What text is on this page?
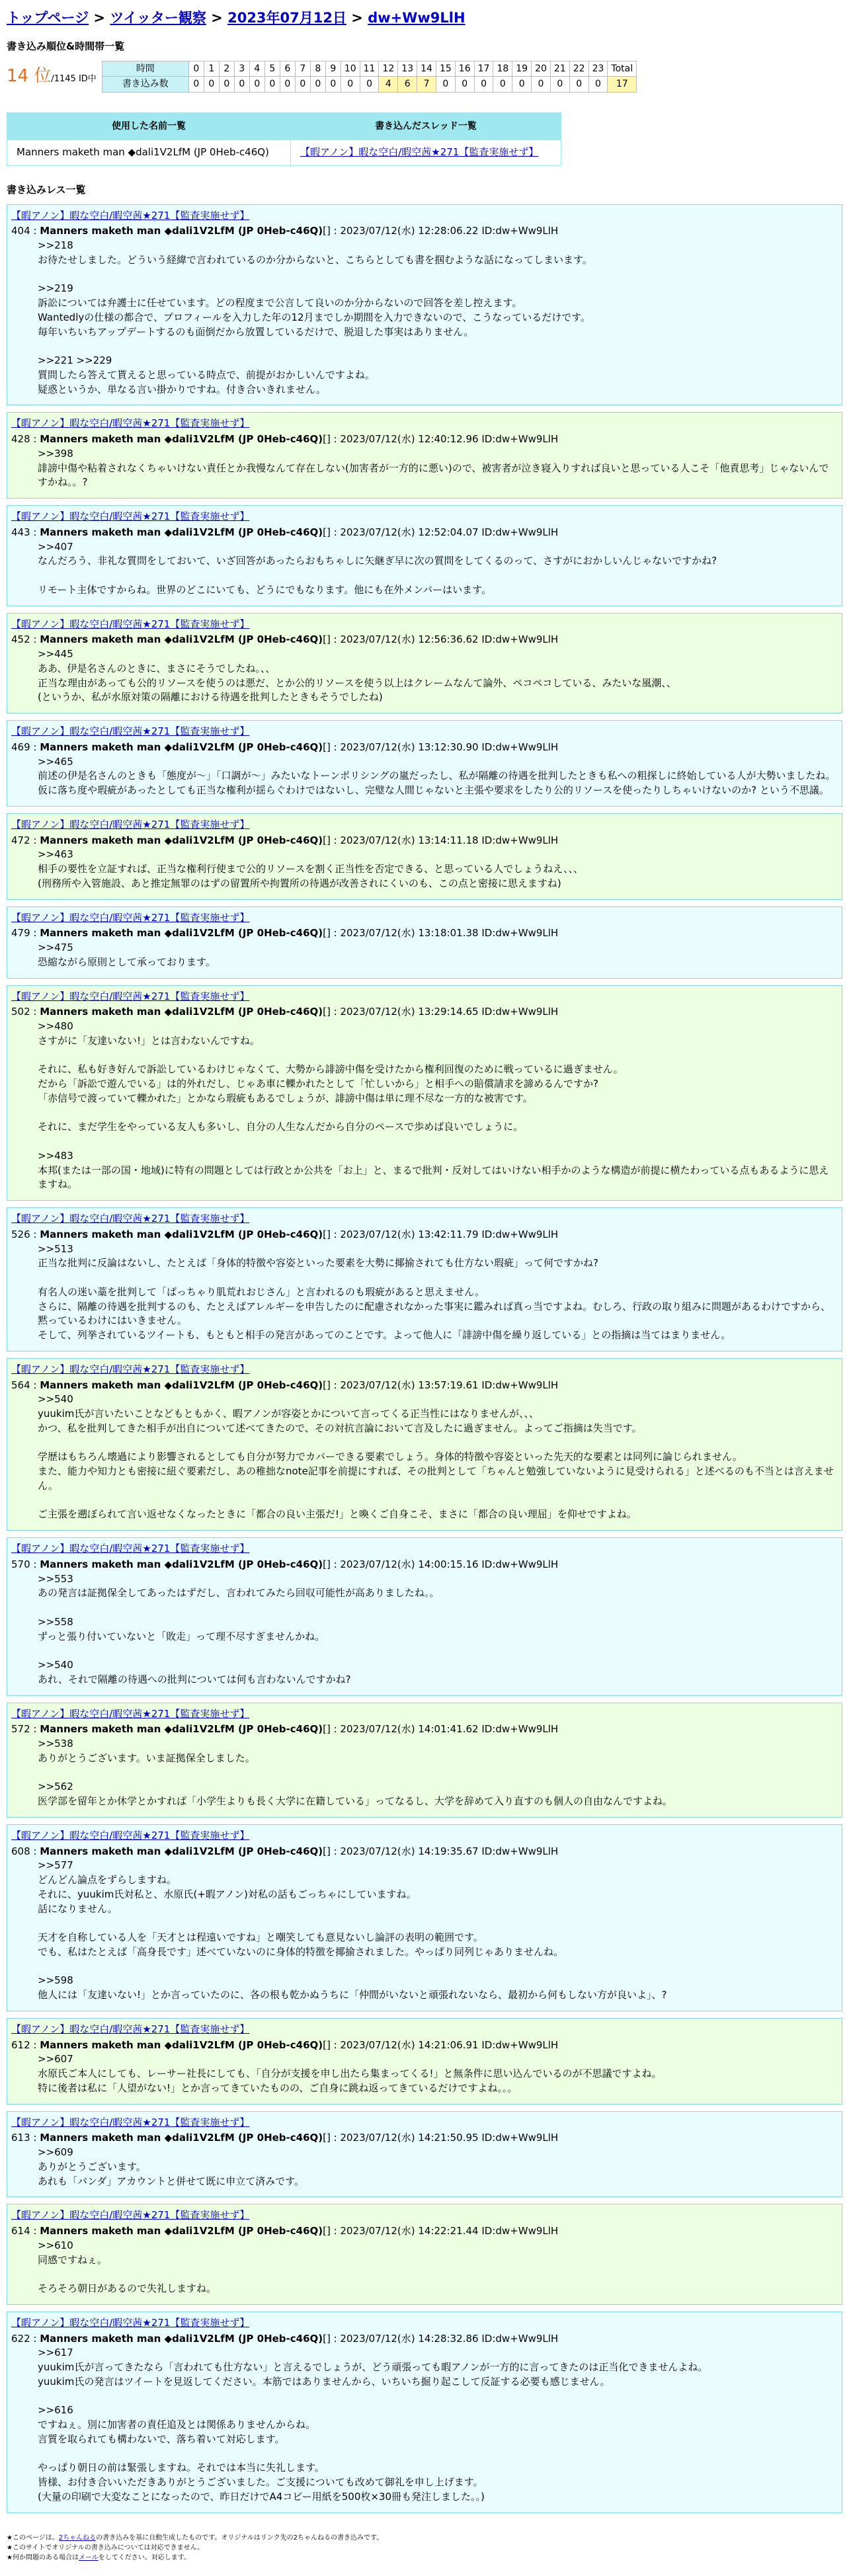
トップページ > ツイッター観察 > 2023年07月12日 > dw+Ww9LlH
書き込み順位&時間帯一覧
14 位/1145 ID中
時間	0	1	2	3	4	5	6	7	8	9	10	11	12	13	14	15	16	17	18	19	20	21	22	23	Total
書き込み数	0	0	0	0	0	0	0	0	0	0	0	0	4	6	7	0	0	0	0	0	0	0	0	0	17
使用した名前一覧	書き込んだスレッド一覧
Manners maketh man ◆dali1V2LfM (JP 0Heb-c46Q)	【暇アノン】暇な空白/暇空茜★271【監査実施せず】
書き込みレス一覧
【暇アノン】暇な空白/暇空茜★271【監査実施せず】
404 : Manners maketh man ◆dali1V2LfM (JP 0Heb-c46Q)[] : 2023/07/12(水) 12:28:06.22 ID:dw+Ww9LlH
>>218
お待たせしました。どういう経緯で言われているのか分からないと、こちらとしても書を掴むような話になってしまいます。

>>219
訴訟については弁護士に任せています。どの程度まで公言して良いのか分からないので回答を差し控えます。
Wantedlyの仕様の都合で、プロフィールを入力した年の12月までしか期間を入力できないので、こうなっているだけです。
毎年いちいちアップデートするのも面倒だから放置しているだけで、脱退した事実はありません。

>>221 >>229
質問したら答えて貰えると思っている時点で、前提がおかしいんですよね。
疑惑というか、単なる言い掛かりですね。付き合いきれません。
【暇アノン】暇な空白/暇空茜★271【監査実施せず】
428 : Manners maketh man ◆dali1V2LfM (JP 0Heb-c46Q)[] : 2023/07/12(水) 12:40:12.96 ID:dw+Ww9LlH
>>398
誹謗中傷や粘着されなくちゃいけない責任とか我慢なんて存在しない(加害者が一方的に悪い)ので、被害者が泣き寝入りすれば良いと思っている人こそ「他責思考」じゃないんですかね。。?
【暇アノン】暇な空白/暇空茜★271【監査実施せず】
443 : Manners maketh man ◆dali1V2LfM (JP 0Heb-c46Q)[] : 2023/07/12(水) 12:52:04.07 ID:dw+Ww9LlH
>>407
なんだろう、非礼な質問をしておいて、いざ回答があったらおもちゃしに矢継ぎ早に次の質問をしてくるのって、さすがにおかしいんじゃないですかね?

リモート主体ですからね。世界のどこにいても、どうにでもなります。他にも在外メンバーはいます。
【暇アノン】暇な空白/暇空茜★271【監査実施せず】
452 : Manners maketh man ◆dali1V2LfM (JP 0Heb-c46Q)[] : 2023/07/12(水) 12:56:36.62 ID:dw+Ww9LlH
>>445
ああ、伊是名さんのときに、まさにそうでしたね。、、
正当な理由があっても公的リソースを使うのは悪だ、とか公的リソースを使う以上はクレームなんて論外、ペコペコしている、みたいな風潮、、
(というか、私が水原対策の隔離における待遇を批判したときもそうでしたね)
【暇アノン】暇な空白/暇空茜★271【監査実施せず】
469 : Manners maketh man ◆dali1V2LfM (JP 0Heb-c46Q)[] : 2023/07/12(水) 13:12:30.90 ID:dw+Ww9LlH
>>465
前述の伊是名さんのときも「態度が〜」「口調が〜」みたいなトーンポリシングの嵐だったし、私が隔離の待遇を批判したときも私への粗探しに終始している人が大勢いましたね。
仮に落ち度や瑕疵があったとしても正当な権利が揺らぐわけではないし、完璧な人間じゃないと主張や要求をしたり公的リソースを使ったりしちゃいけないのか? という不思議。
【暇アノン】暇な空白/暇空茜★271【監査実施せず】
472 : Manners maketh man ◆dali1V2LfM (JP 0Heb-c46Q)[] : 2023/07/12(水) 13:14:11.18 ID:dw+Ww9LlH
>>463
相手の要性を立証すれば、正当な権利行使まで公的リソースを割く正当性を否定できる、と思っている人でしょうねえ、、、
(刑務所や入管施設、あと推定無罪のはずの留置所や拘置所の待遇が改善されにくいのも、この点と密接に思えますね)
【暇アノン】暇な空白/暇空茜★271【監査実施せず】
479 : Manners maketh man ◆dali1V2LfM (JP 0Heb-c46Q)[] : 2023/07/12(水) 13:18:01.38 ID:dw+Ww9LlH
>>475
恐縮ながら原則として承っております。
【暇アノン】暇な空白/暇空茜★271【監査実施せず】
502 : Manners maketh man ◆dali1V2LfM (JP 0Heb-c46Q)[] : 2023/07/12(水) 13:29:14.65 ID:dw+Ww9LlH
>>480
さすがに「友達いない!」とは言わないんですね。

それに、私も好き好んで訴訟しているわけじゃなくて、大勢から誹謗中傷を受けたから権利回復のために戦っているに過ぎません。
だから「訴訟で遊んでいる」は的外れだし、じゃあ車に轢かれたとして「忙しいから」と相手への賠償請求を諦めるんですか?
「赤信号で渡っていて轢かれた」とかなら瑕疵もあるでしょうが、誹謗中傷は単に理不尽な一方的な被害です。

それに、まだ学生をやっている友人も多いし、自分の人生なんだから自分のペースで歩めば良いでしょうに。

>>483
本邦(または一部の国・地域)に特有の問題としては行政とか公共を「お上」と、まるで批判・反対してはいけない相手かのような構造が前提に横たわっている点もあるように思えますね。
【暇アノン】暇な空白/暇空茜★271【監査実施せず】
526 : Manners maketh man ◆dali1V2LfM (JP 0Heb-c46Q)[] : 2023/07/12(水) 13:42:11.79 ID:dw+Ww9LlH
>>513
正当な批判に反論はないし、たとえば「身体的特徴や容姿といった要素を大勢に揶揄されても仕方ない瑕疵」って何ですかね?

有名人の迷い藁を批判して「ばっちゃり肌荒れおじさん」と言われるのも瑕疵があると思えません。
さらに、隔離の待遇を批判するのも、たとえばアレルギーを申告したのに配慮されなかった事実に鑑みれば真っ当ですよね。むしろ、行政の取り組みに問題があるわけですから、黙っているわけにはいきません。
そして、列挙されているツイートも、もともと相手の発言があってのことです。よって他人に「誹謗中傷を繰り返している」との指摘は当てはまりません。
【暇アノン】暇な空白/暇空茜★271【監査実施せず】
564 : Manners maketh man ◆dali1V2LfM (JP 0Heb-c46Q)[] : 2023/07/12(水) 13:57:19.61 ID:dw+Ww9LlH
>>540
yuukim氏が言いたいことなどもともかく、暇アノンが容姿とかについて言ってくる正当性にはなりませんが、、、
かつ、私を批判してきた相手が出自について述べてきたので、その対抗言論において言及したに過ぎません。よってご指摘は失当です。

学歴はもちろん壊過により影響されるとしても自分が努力でカバーできる要素でしょう。身体的特徴や容姿といった先天的な要素とは同列に論じられません。
また、能力や知力とも密接に紐ぐ要素だし、あの稚拙なnote記事を前提にすれば、その批判として「ちゃんと勉強していないように見受けられる」と述べるのも不当とは言えません。

ご主張を遡ぼられて言い返せなくなったときに「都合の良い主張だ!」と喚くご自身こそ、まさに「都合の良い理屈」を仰せですよね。
【暇アノン】暇な空白/暇空茜★271【監査実施せず】
570 : Manners maketh man ◆dali1V2LfM (JP 0Heb-c46Q)[] : 2023/07/12(水) 14:00:15.16 ID:dw+Ww9LlH
>>553
あの発言は証拠保全してあったはずだし、言われてみたら回収可能性が高ありましたね。。

>>558
ずっと張り付いていないと「敗走」って理不尽すぎませんかね。

>>540
あれ、それで隔離の待遇への批判については何も言わないんですかね?
【暇アノン】暇な空白/暇空茜★271【監査実施せず】
572 : Manners maketh man ◆dali1V2LfM (JP 0Heb-c46Q)[] : 2023/07/12(水) 14:01:41.62 ID:dw+Ww9LlH
>>538
ありがとうございます。いま証拠保全しました。

>>562
医学部を留年とか休学とかすれば「小学生よりも長く大学に在籍している」ってなるし、大学を辞めて入り直すのも個人の自由なんですよね。
【暇アノン】暇な空白/暇空茜★271【監査実施せず】
608 : Manners maketh man ◆dali1V2LfM (JP 0Heb-c46Q)[] : 2023/07/12(水) 14:19:35.67 ID:dw+Ww9LlH
>>577
どんどん論点をずらしますね。
それに、yuukim氏対私と、水原氏(+暇アノン)対私の話もごっちゃにしていますね。
話になりません。

天才を自称している人を「天才とは程遠いですね」と嘲笑しても意見ないし論評の表明の範囲です。
でも、私はたとえば「高身長です」述べていないのに身体的特徴を揶揄されました。やっぱり同列じゃありませんね。

>>598
他人には「友達いない!」とか言っていたのに、各の根も乾かぬうちに「仲間がいないと頑張れないなら、最初から何もしない方が良いよ」、?
【暇アノン】暇な空白/暇空茜★271【監査実施せず】
612 : Manners maketh man ◆dali1V2LfM (JP 0Heb-c46Q)[] : 2023/07/12(水) 14:21:06.91 ID:dw+Ww9LlH
>>607
水原氏ご本人にしても、レーサー社長にしても、「自分が支援を申し出たら集まってくる!」と無条件に思い込んでいるのが不思議ですよね。
特に後者は私に「人望がない!」とか言ってきていたものの、ご自身に跳ね返ってきているだけですよね。。。
【暇アノン】暇な空白/暇空茜★271【監査実施せず】
613 : Manners maketh man ◆dali1V2LfM (JP 0Heb-c46Q)[] : 2023/07/12(水) 14:21:50.95 ID:dw+Ww9LlH
>>609
ありがとうございます。
あれも「バンダ」アカウントと併せて既に申立て済みです。
【暇アノン】暇な空白/暇空茜★271【監査実施せず】
614 : Manners maketh man ◆dali1V2LfM (JP 0Heb-c46Q)[] : 2023/07/12(水) 14:22:21.44 ID:dw+Ww9LlH
>>610
同感ですねぇ。

そろそろ朝日があるので失礼しますね。
【暇アノン】暇な空白/暇空茜★271【監査実施せず】
622 : Manners maketh man ◆dali1V2LfM (JP 0Heb-c46Q)[] : 2023/07/12(水) 14:28:32.86 ID:dw+Ww9LlH
>>617
yuukim氏が言ってきたなら「言われても仕方ない」と言えるでしょうが、どう頑張っても暇アノンが一方的に言ってきたのは正当化できませんよね。
yuukim氏の発言はツイートを見返してください。本筋ではありませんから、いちいち掘り起こして反証する必要も感じません。

>>616
ですねぇ。別に加害者の責任追及とは関係ありませんからね。
言質を取られても構わないで、落ち着いて対応します。

やっぱり朝日の前は緊張しますね。それでは本当に失礼します。
皆様、お付き合いいただきありがとうございました。ご支援についても改めて御礼を申し上げます。
(大量の印刷で大変なことになったので、昨日だけでA4コピー用紙を500枚×30冊も発注しました。。)
★このページは、2ちゃんねるの書き込みを基に自動生成したものです。オリジナルはリンク先の2ちゃんねるの書き込みです。
★このサイトでオリジナルの書き込みについては対応できません。
★何か問題のある場合はメールをしてください。対応します。
